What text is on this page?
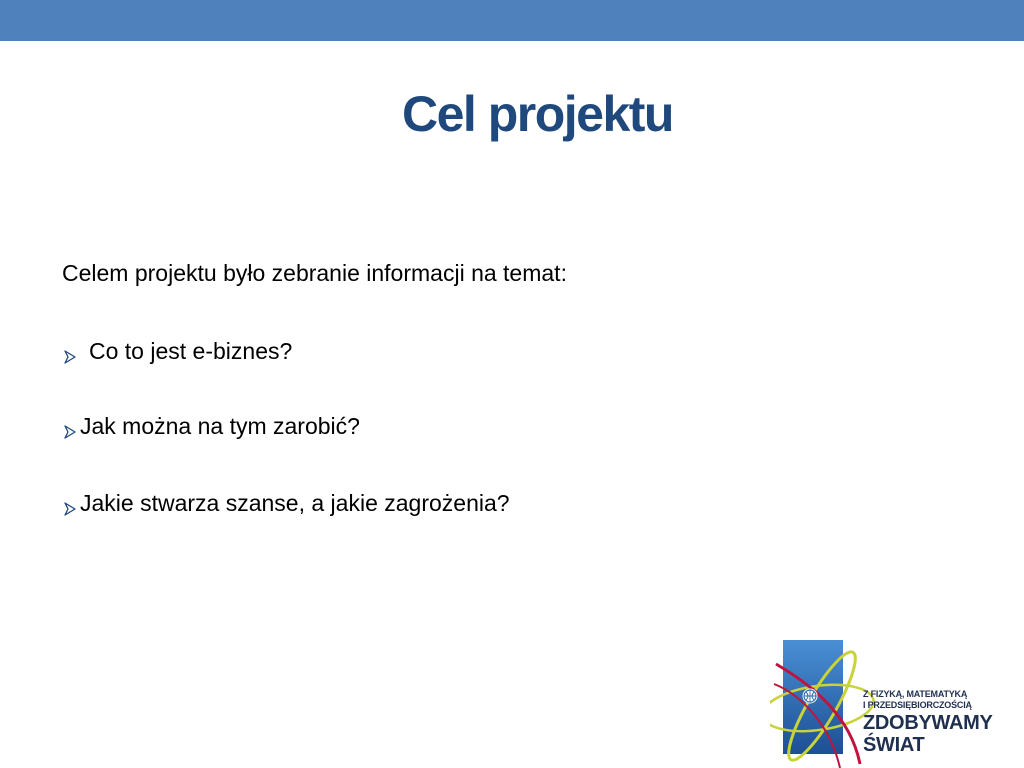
Cel projektu
Celem projektu było zebranie informacji na temat:
Co to jest e-biznes?
Jak można na tym zarobić?
Jakie stwarza szanse, a jakie zagrożenia?
Z FIZYKĄ, MATEMATYKĄ
I PRZEDSIĘBIORCZOŚCIĄ
ZDOBYWAMY
ŚWIAT
